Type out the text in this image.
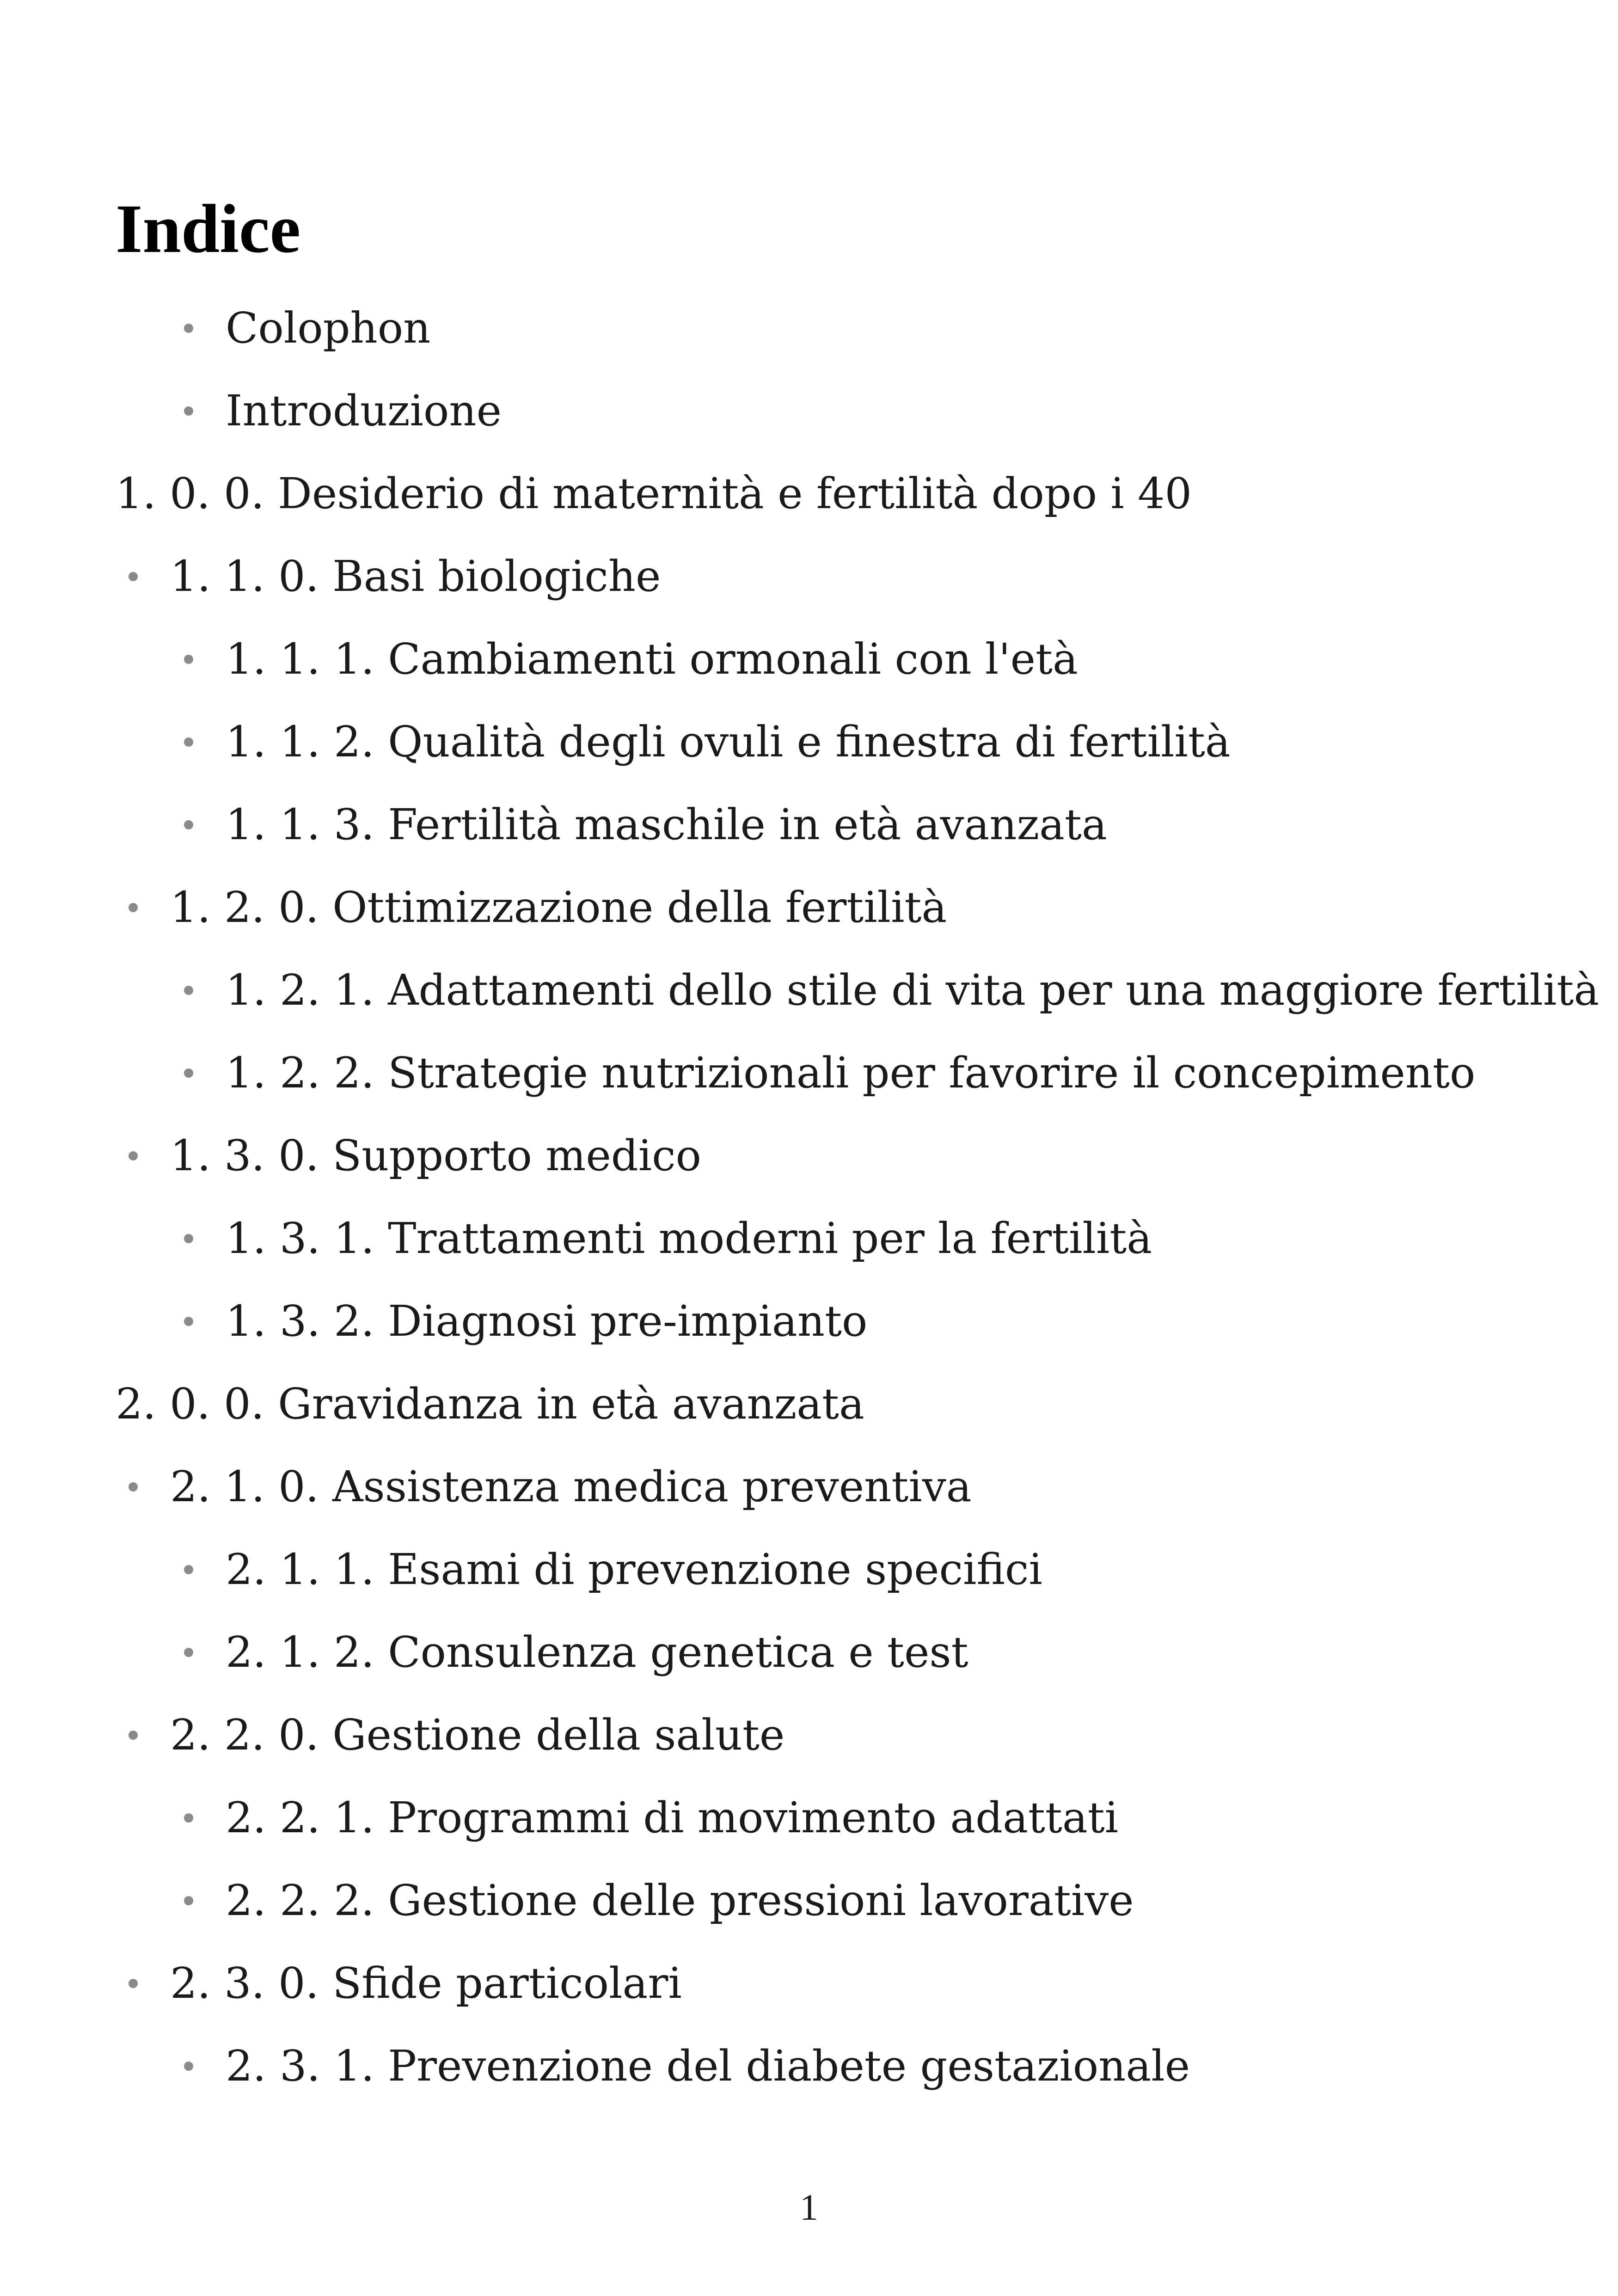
Indice
Colophon
Introduzione
1. 0. 0. Desiderio di maternità e fertilità dopo i 40
1. 1. 0. Basi biologiche
1. 1. 1. Cambiamenti ormonali con l'età
1. 1. 2. Qualità degli ovuli e finestra di fertilità
1. 1. 3. Fertilità maschile in età avanzata
1. 2. 0. Ottimizzazione della fertilità
1. 2. 1. Adattamenti dello stile di vita per una maggiore fertilità
1. 2. 2. Strategie nutrizionali per favorire il concepimento
1. 3. 0. Supporto medico
1. 3. 1. Trattamenti moderni per la fertilità
1. 3. 2. Diagnosi pre-impianto
2. 0. 0. Gravidanza in età avanzata
2. 1. 0. Assistenza medica preventiva
2. 1. 1. Esami di prevenzione specifici
2. 1. 2. Consulenza genetica e test
2. 2. 0. Gestione della salute
2. 2. 1. Programmi di movimento adattati
2. 2. 2. Gestione delle pressioni lavorative
2. 3. 0. Sfide particolari
2. 3. 1. Prevenzione del diabete gestazionale
1
